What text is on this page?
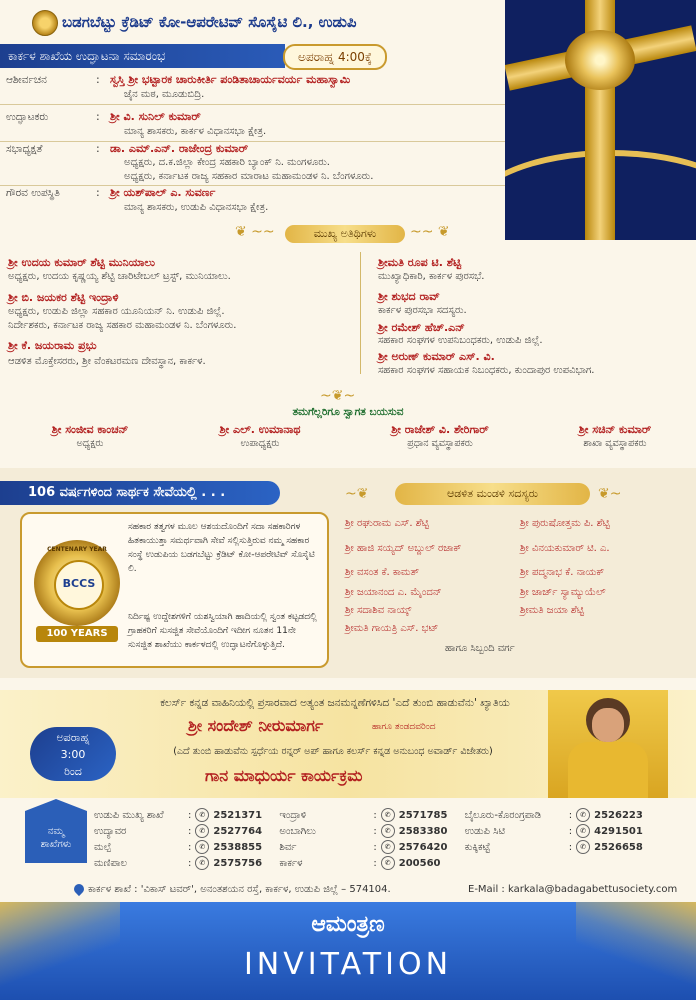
ಬಡಗಬೆಟ್ಟು ಕ್ರೆಡಿಟ್ ಕೋ-ಆಪರೇಟಿವ್ ಸೊಸೈಟಿ ಲಿ., ಉಡುಪಿ
ಕಾರ್ಕಳ ಶಾಖೆಯ ಉದ್ಘಾಟನಾ ಸಮಾರಂಭ	ಅಪರಾಹ್ನ 4:00ಕ್ಕೆ
ಆಶೀರ್ವಚನ	: ಸ್ವಸ್ತಿ ಶ್ರೀ ಭಟ್ಟಾರಕ ಚಾರುಕೀರ್ತಿ ಪಂಡಿತಾಚಾರ್ಯವರ್ಯ ಮಹಾಸ್ವಾಮಿ
ಜೈನ ಮಠ, ಮೂಡುಬಿದ್ರಿ.
ಉದ್ಘಾಟಕರು	: ಶ್ರೀ ವಿ. ಸುನಿಲ್ ಕುಮಾರ್
ಮಾನ್ಯ ಶಾಸಕರು, ಕಾರ್ಕಳ ವಿಧಾನಸಭಾ ಕ್ಷೇತ್ರ.
ಸಭಾಧ್ಯಕ್ಷತೆ	: ಡಾ. ಎಮ್.ಎನ್. ರಾಜೇಂದ್ರ ಕುಮಾರ್
ಅಧ್ಯಕ್ಷರು, ದ.ಕ.ಜಿಲ್ಲಾ ಕೇಂದ್ರ ಸಹಕಾರಿ ಬ್ಯಾಂಕ್ ನಿ. ಮಂಗಳೂರು.
ಅಧ್ಯಕ್ಷರು, ಕರ್ನಾಟಕ ರಾಜ್ಯ ಸಹಕಾರ ಮಾರಾಟ ಮಹಾಮಂಡಳ ನಿ. ಬೆಂಗಳೂರು.
ಗೌರವ ಉಪಸ್ಥಿತಿ	: ಶ್ರೀ ಯಶ್‌ಪಾಲ್ ಎ. ಸುವರ್ಣ
ಮಾನ್ಯ ಶಾಸಕರು, ಉಡುಪಿ ವಿಧಾನಸಭಾ ಕ್ಷೇತ್ರ.
❦ ~~	ಮುಖ್ಯ ಅತಿಥಿಗಳು	~~ ❦
ಶ್ರೀ ಉದಯ ಕುಮಾರ್ ಶೆಟ್ಟಿ ಮುನಿಯಾಲು
ಅಧ್ಯಕ್ಷರು, ಉದಯ ಕೃಷ್ಣಯ್ಯ ಶೆಟ್ಟಿ ಚಾರಿಟೇಬಲ್ ಟ್ರಸ್ಟ್, ಮುನಿಯಾಲು.
ಶ್ರೀ ಬಿ. ಜಯಕರ ಶೆಟ್ಟಿ ಇಂದ್ರಾಳಿ
ಅಧ್ಯಕ್ಷರು, ಉಡುಪಿ ಜಿಲ್ಲಾ ಸಹಕಾರ ಯೂನಿಯನ್ ನಿ. ಉಡುಪಿ ಜಿಲ್ಲೆ.
ನಿರ್ದೇಶಕರು, ಕರ್ನಾಟಕ ರಾಜ್ಯ ಸಹಕಾರ ಮಹಾಮಂಡಳ ನಿ. ಬೆಂಗಳೂರು.
ಶ್ರೀ ಕೆ. ಜಯರಾಮ ಪ್ರಭು
ಆಡಳಿತ ಮೊಕ್ತೇಸರರು, ಶ್ರೀ ವೆಂಕಟರಮಣ ದೇವಸ್ಥಾನ, ಕಾರ್ಕಳ.
ಶ್ರೀಮತಿ ರೂಪ ಟಿ. ಶೆಟ್ಟಿ
ಮುಖ್ಯಾಧಿಕಾರಿ, ಕಾರ್ಕಳ ಪುರಸಭೆ.
ಶ್ರೀ ಶುಭದ ರಾವ್
ಕಾರ್ಕಳ ಪುರಸಭಾ ಸದಸ್ಯರು.
ಶ್ರೀ ರಮೇಶ್ ಹೆಚ್.ಎನ್
ಸಹಕಾರ ಸಂಘಗಳ ಉಪನಿಬಂಧಕರು, ಉಡುಪಿ ಜಿಲ್ಲೆ.
ಶ್ರೀ ಅರುಣ್ ಕುಮಾರ್ ಎಸ್. ವಿ.
ಸಹಕಾರ ಸಂಘಗಳ ಸಹಾಯಕ ನಿಬಂಧಕರು, ಕುಂದಾಪುರ ಉಪವಿಭಾಗ.
~❦~
ತಮಗೆಲ್ಲರಿಗೂ ಸ್ವಾಗತ ಬಯಸುವ
ಶ್ರೀ ಸಂಜೀವ ಕಾಂಚನ್
ಅಧ್ಯಕ್ಷರು
ಶ್ರೀ ಎಲ್. ಉಮಾನಾಥ
ಉಪಾಧ್ಯಕ್ಷರು
ಶ್ರೀ ರಾಜೇಶ್ ವಿ. ಶೇರಿಗಾರ್
ಪ್ರಧಾನ ವ್ಯವಸ್ಥಾಪಕರು
ಶ್ರೀ ಸಚಿನ್ ಕುಮಾರ್
ಶಾಖಾ ವ್ಯವಸ್ಥಾಪಕರು
106 ವರ್ಷಗಳಿಂದ ಸಾರ್ಥಕ ಸೇವೆಯಲ್ಲಿ . . .
CENTENARY YEAR
BCCS
100 YEARS
ಸಹಕಾರ ತತ್ವಗಳ ಮೂಲ ಆಶಯದೊಂದಿಗೆ ಸದಾ ಸಹಕಾರಿಗಳ ಹಿತಕಾಯುತ್ತಾ ಸಮರ್ಥವಾಗಿ ಸೇವೆ ಸಲ್ಲಿಸುತ್ತಿರುವ ನಮ್ಮ ಸಹಕಾರ ಸಂಸ್ಥೆ ಉಡುಪಿಯ ಬಡಗಬೆಟ್ಟು ಕ್ರೆಡಿಟ್ ಕೋ-ಆಪರೇಟಿವ್ ಸೊಸೈಟಿ ಲಿ.
ನಿರ್ದಿಷ್ಟ ಉದ್ದೇಶಗಳಿಗೆ ಯಶಸ್ವಿಯಾಗಿ ಹಾದಿಯಲ್ಲಿ ಸ್ವಂತ ಕಟ್ಟಡದಲ್ಲಿ ಗ್ರಾಹಕರಿಗೆ ಸುಸಜ್ಜಿತ ಸೇವೆಯೊಂದಿಗೆ ಇದೀಗ ನೂತನ 11ನೇ ಸುಸಜ್ಜಿತ ಶಾಖೆಯು ಕಾರ್ಕಳದಲ್ಲಿ ಉದ್ಘಾಟನೆಗೊಳ್ಳುತ್ತಿದೆ.
~❦	ಆಡಳಿತ ಮಂಡಳಿ ಸದಸ್ಯರು	❦~
ಶ್ರೀ ರಘುರಾಮ ಎಸ್. ಶೆಟ್ಟಿ
ಶ್ರೀ ಹಾಜಿ ಸಯ್ಯದ್ ಅಬ್ದುಲ್ ರಜಾಕ್
ಶ್ರೀ ವಸಂತ ಕೆ. ಕಾಮತ್
ಶ್ರೀ ಜಯಾನಂದ ಎ. ಮೈಂದನ್
ಶ್ರೀ ಸದಾಶಿವ ನಾಯ್ಕ್
ಶ್ರೀಮತಿ ಗಾಯತ್ರಿ ಎಸ್. ಭಟ್
ಶ್ರೀ ಪುರುಷೋತ್ತಮ ಪಿ. ಶೆಟ್ಟಿ
ಶ್ರೀ ವಿನಯಕುಮಾರ್ ಟಿ. ಎ.
ಶ್ರೀ ಪದ್ಮನಾಭ ಕೆ. ನಾಯಕ್
ಶ್ರೀ ಜಾರ್ಜ್ ಸ್ಯಾಮ್ಯುಯೆಲ್
ಶ್ರೀಮತಿ ಜಯಾ ಶೆಟ್ಟಿ
ಹಾಗೂ ಸಿಬ್ಬಂದಿ ವರ್ಗ
ಕಲರ್ಸ್ ಕನ್ನಡ ವಾಹಿನಿಯಲ್ಲಿ ಪ್ರಸಾರವಾದ ಅತ್ಯಂತ ಜನಮನ್ನಣೆಗಳಿಸಿದ 'ಎದೆ ತುಂಬಿ ಹಾಡುವೆನು' ಖ್ಯಾತಿಯ
ಶ್ರೀ ಸಂದೇಶ್ ನೀರುಮಾರ್ಗ	ಹಾಗೂ ತಂಡದವರಿಂದ
(ಎದೆ ತುಂಬಿ ಹಾಡುವೆನು ಸ್ಪರ್ಧೆಯ ರನ್ನರ್ ಅಪ್ ಹಾಗೂ ಕಲರ್ಸ್ ಕನ್ನಡ ಅನುಬಂಧ ಅವಾರ್ಡ್ ವಿಜೇತರು)
ಗಾನ ಮಾಧುರ್ಯ ಕಾರ್ಯಕ್ರಮ
ಅಪರಾಹ್ನ
3:00
ರಿಂದ
ನಮ್ಮ
ಶಾಖೆಗಳು
ಉಡುಪಿ ಮುಖ್ಯ ಶಾಖೆ	:	✆ 2521371	ಇಂದ್ರಾಳಿ	:	✆ 2571785	ಬೈಲೂರು-ಕೊರಂಗ್ರಪಾಡಿ	:	✆ 2526223
ಉದ್ಯಾವರ	:	✆ 2527764	ಅಂಬಾಗಿಲು	:	✆ 2583380	ಉಡುಪಿ ಸಿಟಿ	:	✆ 4291501
ಮಲ್ಪೆ	:	✆ 2538855	ಶಿರ್ವ	:	✆ 2576420	ಕುಕ್ಕಿಕಟ್ಟೆ	:	✆ 2526658
ಮಣಿಪಾಲ	:	✆ 2575756	ಕಾರ್ಕಳ	:	✆ 200560			
ಕಾರ್ಕಳ ಶಾಖೆ : 'ವಿಕಾಸ್ ಟವರ್', ಅನಂತಶಯನ ರಸ್ತೆ, ಕಾರ್ಕಳ, ಉಡುಪಿ ಜಿಲ್ಲೆ – 574104.	E-Mail : karkala@badagabettusociety.com
ಆಮಂತ್ರಣ
INVITATION
